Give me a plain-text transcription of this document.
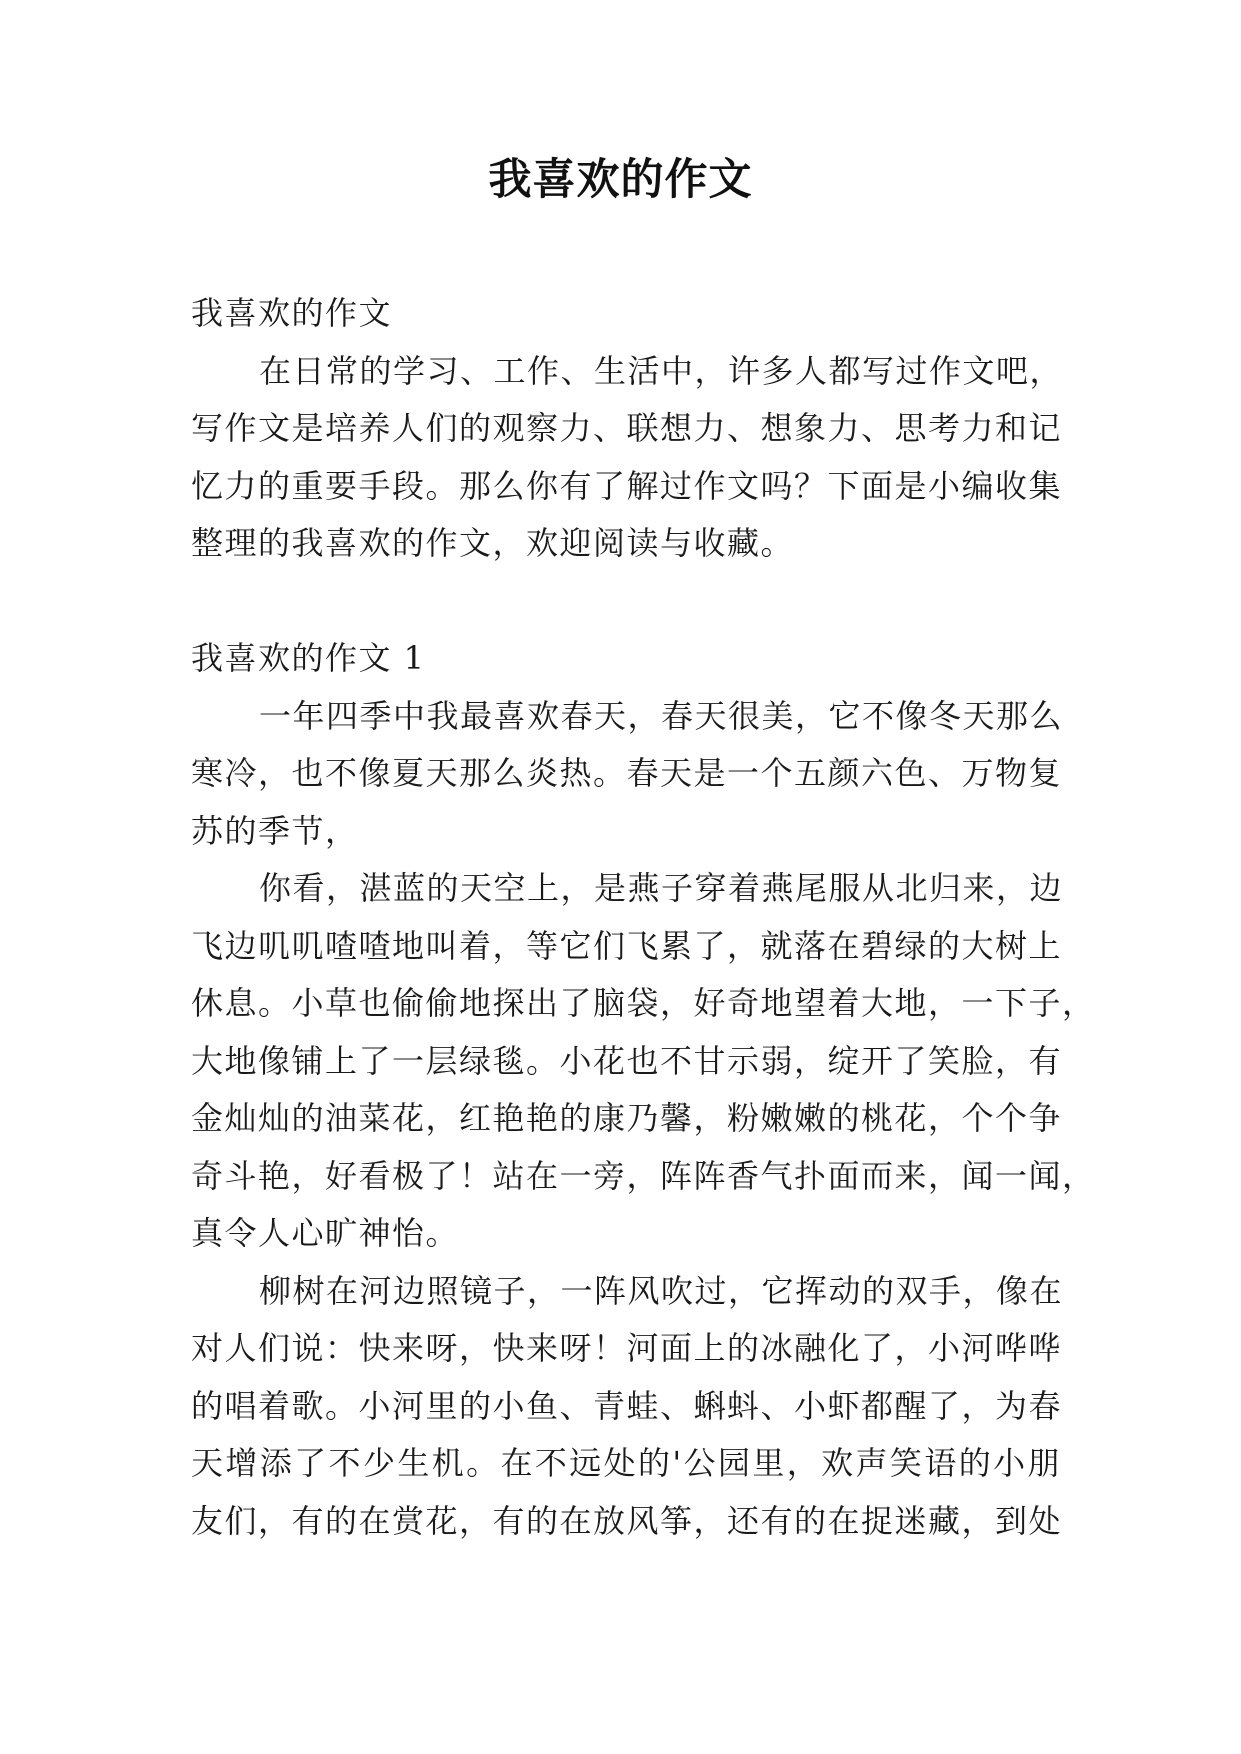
我喜欢的作文
我喜欢的作文
在日常的学习、工作、生活中，许多人都写过作文吧，
写作文是培养人们的观察力、联想力、想象力、思考力和记
忆力的重要手段。那么你有了解过作文吗？下面是小编收集
整理的我喜欢的作文，欢迎阅读与收藏。
我喜欢的作文 1
一年四季中我最喜欢春天，春天很美，它不像冬天那么
寒冷，也不像夏天那么炎热。春天是一个五颜六色、万物复
苏的季节，
你看，湛蓝的天空上，是燕子穿着燕尾服从北归来，边
飞边叽叽喳喳地叫着，等它们飞累了，就落在碧绿的大树上
休息。小草也偷偷地探出了脑袋，好奇地望着大地，一下子，
大地像铺上了一层绿毯。小花也不甘示弱，绽开了笑脸，有
金灿灿的油菜花，红艳艳的康乃馨，粉嫩嫩的桃花，个个争
奇斗艳，好看极了！站在一旁，阵阵香气扑面而来，闻一闻，
真令人心旷神怡。
柳树在河边照镜子，一阵风吹过，它挥动的双手，像在
对人们说：快来呀，快来呀！河面上的冰融化了，小河哗哗
的唱着歌。小河里的小鱼、青蛙、蝌蚪、小虾都醒了，为春
天增添了不少生机。在不远处的'公园里，欢声笑语的小朋
友们，有的在赏花，有的在放风筝，还有的在捉迷藏，到处
